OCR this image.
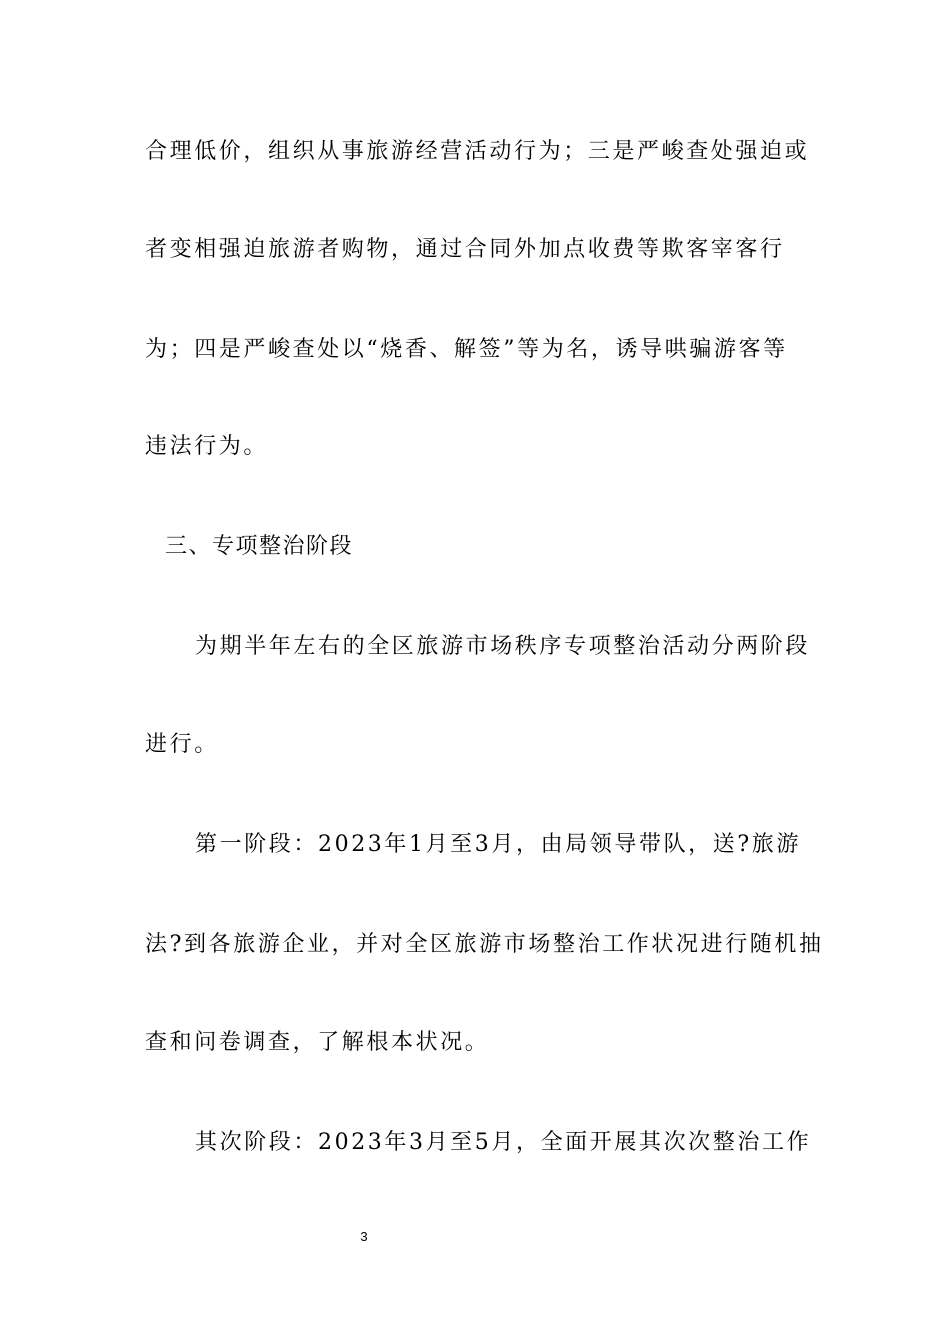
合理低价，组织从事旅游经营活动行为；三是严峻查处强迫或
者变相强迫旅游者购物，通过合同外加点收费等欺客宰客行
为；四是严峻查处以“烧香、解签”等为名，诱导哄骗游客等
违法行为。
三、专项整治阶段
为期半年左右的全区旅游市场秩序专项整治活动分两阶段
进行。
第一阶段：2023年1月至3月，由局领导带队，送?旅游
法?到各旅游企业，并对全区旅游市场整治工作状况进行随机抽
查和问卷调查，了解根本状况。
其次阶段：2023年3月至5月，全面开展其次次整治工作
3
